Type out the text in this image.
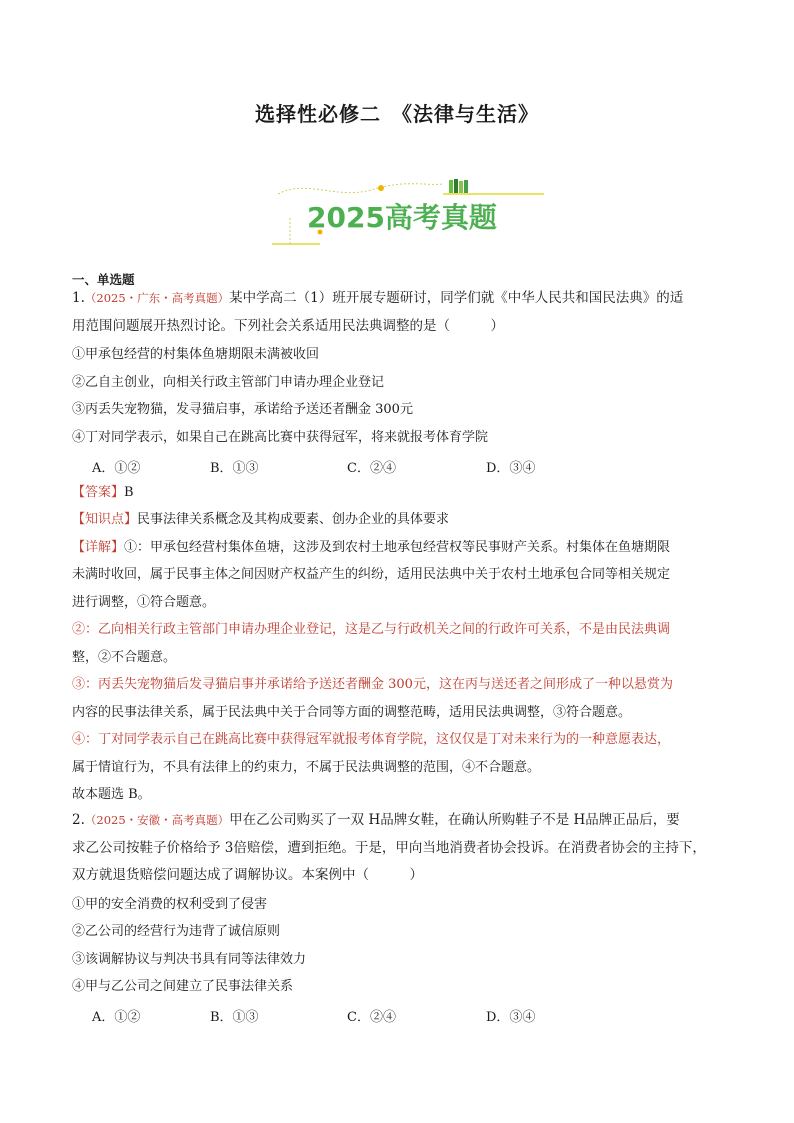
选择性必修二　《法律与生活》
2025高考真题
一、单选题
1.（2025・广东・高考真题）某中学高二（1）班开展专题研讨，同学们就《中华人民共和国民法典》的适
用范围问题展开热烈讨论。下列社会关系适用民法典调整的是（　　　）
①甲承包经营的村集体鱼塘期限未满被收回
②乙自主创业，向相关行政主管部门申请办理企业登记
③丙丢失宠物猫，发寻猫启事，承诺给予送还者酬金 300元
④丁对同学表示，如果自己在跳高比赛中获得冠军，将来就报考体育学院
A．①②	B．①③	C．②④	D．③④
【答案】B
【知识点】民事法律关系概念及其构成要素、创办企业的具体要求
【详解】①：甲承包经营村集体鱼塘，这涉及到农村土地承包经营权等民事财产关系。村集体在鱼塘期限
未满时收回，属于民事主体之间因财产权益产生的纠纷，适用民法典中关于农村土地承包合同等相关规定
进行调整，①符合题意。
②：乙向相关行政主管部门申请办理企业登记，这是乙与行政机关之间的行政许可关系，不是由民法典调
整，②不合题意。
③：丙丢失宠物猫后发寻猫启事并承诺给予送还者酬金 300元，这在丙与送还者之间形成了一种以悬赏为
内容的民事法律关系，属于民法典中关于合同等方面的调整范畴，适用民法典调整，③符合题意。
④：丁对同学表示自己在跳高比赛中获得冠军就报考体育学院，这仅仅是丁对未来行为的一种意愿表达，
属于情谊行为，不具有法律上的约束力，不属于民法典调整的范围，④不合题意。
故本题选 B。
2.（2025・安徽・高考真题）甲在乙公司购买了一双 H品牌女鞋，在确认所购鞋子不是 H品牌正品后，要
求乙公司按鞋子价格给予 3倍赔偿，遭到拒绝。于是，甲向当地消费者协会投诉。在消费者协会的主持下，
双方就退货赔偿问题达成了调解协议。本案例中（　　　）
①甲的安全消费的权利受到了侵害
②乙公司的经营行为违背了诚信原则
③该调解协议与判决书具有同等法律效力
④甲与乙公司之间建立了民事法律关系
A．①②	B．①③	C．②④	D．③④
